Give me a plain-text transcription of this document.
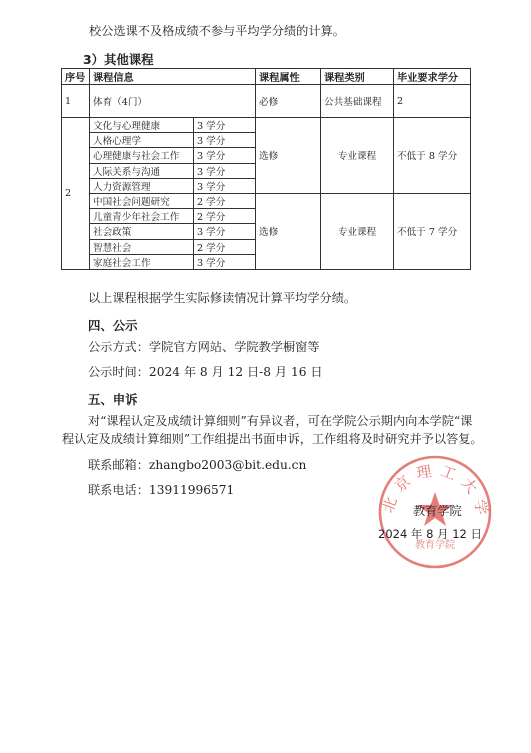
校公选课不及格成绩不参与平均学分绩的计算。
3）其他课程
序号	课程信息		课程属性	课程类别	毕业要求学分
1	体育（4门）		必修	公共基础课程	2
2	文化与心理健康	3 学分	选修	专业课程	不低于 8 学分
	人格心理学	3 学分			
	心理健康与社会工作	3 学分			
	人际关系与沟通	3 学分			
	人力资源管理	3 学分			
	中国社会问题研究	2 学分	选修	专业课程	不低于 7 学分
	儿童青少年社会工作	2 学分			
	社会政策	3 学分			
	智慧社会	2 学分			
	家庭社会工作	3 学分			
以上课程根据学生实际修读情况计算平均学分绩。
四、公示
公示方式：学院官方网站、学院教学橱窗等
公示时间：2024 年 8 月 12 日-8 月 16 日
五、申诉
对“课程认定及成绩计算细则”有异议者，可在学院公示期内向本学院“课
程认定及成绩计算细则”工作组提出书面申诉，工作组将及时研究并予以答复。
联系邮箱：zhangbo2003@bit.edu.cn
联系电话：13911996571	北京理工大学
教育学院
教育学院
2024 年 8 月 12 日
